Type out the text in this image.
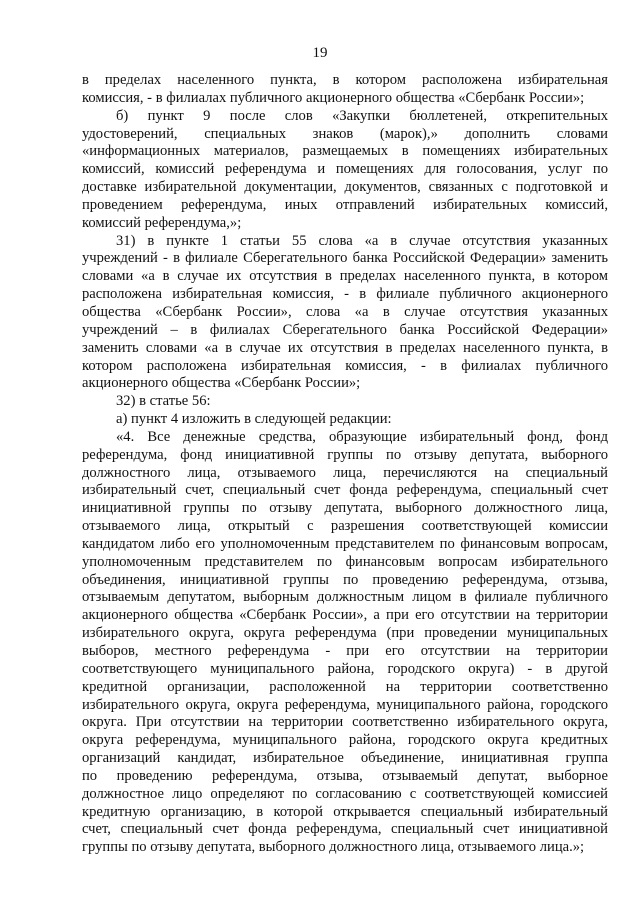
19
в пределах населенного пункта, в котором расположена избирательная
комиссия, - в филиалах публичного акционерного общества «Сбербанк России»;
б) пункт 9 после слов «Закупки бюллетеней, открепительных
удостоверений, специальных знаков (марок),» дополнить словами
«информационных материалов, размещаемых в помещениях избирательных
комиссий, комиссий референдума и помещениях для голосования, услуг по
доставке избирательной документации, документов, связанных с подготовкой и
проведением референдума, иных отправлений избирательных комиссий,
комиссий референдума,»;
31) в пункте 1 статьи 55 слова «а в случае отсутствия указанных
учреждений - в филиале Сберегательного банка Российской Федерации» заменить
словами «а в случае их отсутствия в пределах населенного пункта, в котором
расположена избирательная комиссия, - в филиале публичного акционерного
общества «Сбербанк России», слова «а в случае отсутствия указанных
учреждений – в филиалах Сберегательного банка Российской Федерации»
заменить словами «а в случае их отсутствия в пределах населенного пункта, в
котором расположена избирательная комиссия, - в филиалах публичного
акционерного общества «Сбербанк России»;
32) в статье 56:
а) пункт 4 изложить в следующей редакции:
«4. Все денежные средства, образующие избирательный фонд, фонд
референдума, фонд инициативной группы по отзыву депутата, выборного
должностного лица, отзываемого лица, перечисляются на специальный
избирательный счет, специальный счет фонда референдума, специальный счет
инициативной группы по отзыву депутата, выборного должностного лица,
отзываемого лица, открытый с разрешения соответствующей комиссии
кандидатом либо его уполномоченным представителем по финансовым вопросам,
уполномоченным представителем по финансовым вопросам избирательного
объединения, инициативной группы по проведению референдума, отзыва,
отзываемым депутатом, выборным должностным лицом в филиале публичного
акционерного общества «Сбербанк России», а при его отсутствии на территории
избирательного округа, округа референдума (при проведении муниципальных
выборов, местного референдума - при его отсутствии на территории
соответствующего муниципального района, городского округа) - в другой
кредитной организации, расположенной на территории соответственно
избирательного округа, округа референдума, муниципального района, городского
округа. При отсутствии на территории соответственно избирательного округа,
округа референдума, муниципального района, городского округа кредитных
организаций кандидат, избирательное объединение, инициативная группа
по проведению референдума, отзыва, отзываемый депутат, выборное
должностное лицо определяют по согласованию с соответствующей комиссией
кредитную организацию, в которой открывается специальный избирательный
счет, специальный счет фонда референдума, специальный счет инициативной
группы по отзыву депутата, выборного должностного лица, отзываемого лица.»;
